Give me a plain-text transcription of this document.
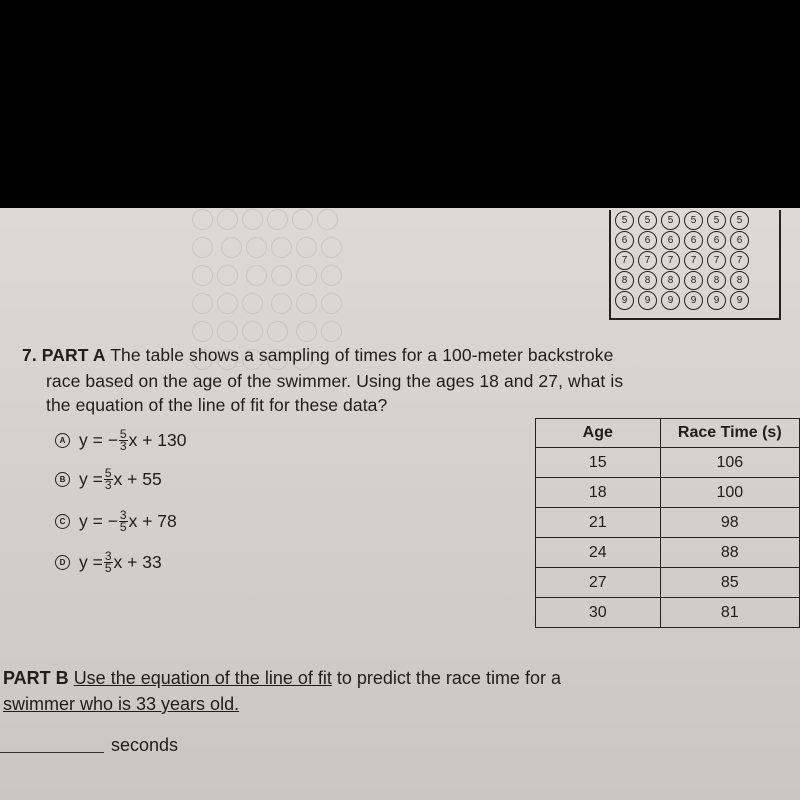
5	5	5	5	5	5
6	6	6	6	6	6
7	7	7	7	7	7
8	8	8	8	8	8
9	9	9	9	9	9
7. PART A The table shows a sampling of times for a 100-meter backstroke
race based on the age of the swimmer. Using the ages 18 and 27, what is
the equation of the line of fit for these data?
A y = − $\frac{5}{3}$ x + 130
B $y = \frac{5}{3}$ x + 55
C y = − $\frac{3}{5}$ x + 78
D $y = \frac{3}{5}$ x + 33
Age	Race Time (s)
15	106
18	100
21	98
24	88
27	85
30	81
PART B Use the equation of the line of fit to predict the race time for a
swimmer who is 33 years old.
seconds
